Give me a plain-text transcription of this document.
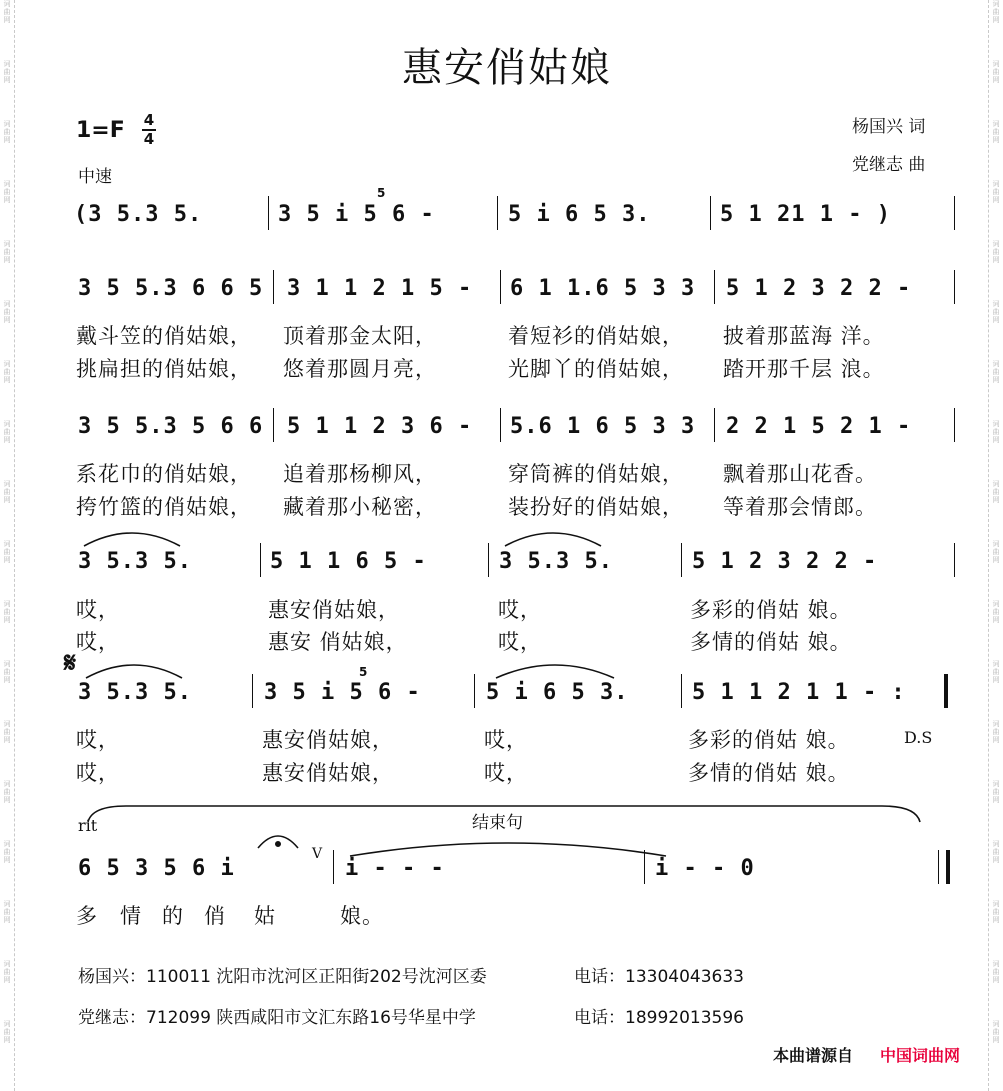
词曲网
词曲网
词曲网
词曲网
词曲网
词曲网
词曲网
词曲网
词曲网
词曲网
词曲网
词曲网
词曲网
词曲网
词曲网
词曲网
词曲网
词曲网
词曲网
词曲网
词曲网
词曲网
词曲网
词曲网
词曲网
词曲网
词曲网
词曲网
词曲网
词曲网
词曲网
词曲网
词曲网
词曲网
词曲网
词曲网
惠安俏姑娘
$1=F \frac{4}{4}$
中速
杨国兴 词
党继志 曲
(3 5.3 5.	3 5 i 5 6 -
5
5 i 6 5 3.	5 1 21 1 - )
3 5 5.3 6 6 5 3 1 1 2 1 5 - 6 1 1.6 5 3 3 5 1 2 3 2 2 -
戴斗笠的俏姑娘， 顶着那金太阳，	着短衫的俏姑娘， 披着那蓝海 洋。
挑扁担的俏姑娘， 悠着那圆月亮，	光脚丫的俏姑娘， 踏开那千层 浪。
3 5 5.3 5 6 6 5 1 1 2 3 6 - 5.6 1 6 5 3 3 2 2 1 5 2 1 -
系花巾的俏姑娘， 追着那杨柳风，	穿筒裤的俏姑娘， 飘着那山花香。
挎竹篮的俏姑娘， 藏着那小秘密，	装扮好的俏姑娘， 等着那会情郎。
3 5.3 5.	5 1 1 6 5 -	3 5.3 5.	5 1 2 3 2 2 -
哎，	惠安俏姑娘，	哎，	多彩的俏姑 娘。
哎，	惠安 俏姑娘，	哎，	多情的俏姑 娘。
𝄋
3 5.3 5.	3 5 i 5 6 -
5
5 i 6 5 3.	5 1 1 2 1 1 - :
哎，	惠安俏姑娘，	哎，	多彩的俏姑 娘。	D.S
哎，	惠安俏姑娘，	哎，	多情的俏姑 娘。
rit	结束句
6 5 3 5 6 i
V
i - - -	i - - 0
多 情 的 俏 姑	娘。
杨国兴：110011 沈阳市沈河区正阳街202号沈河区委	电话：13304043633
党继志：712099 陕西咸阳市文汇东路16号华星中学	电话：18992013596
本曲谱源自 中国词曲网
